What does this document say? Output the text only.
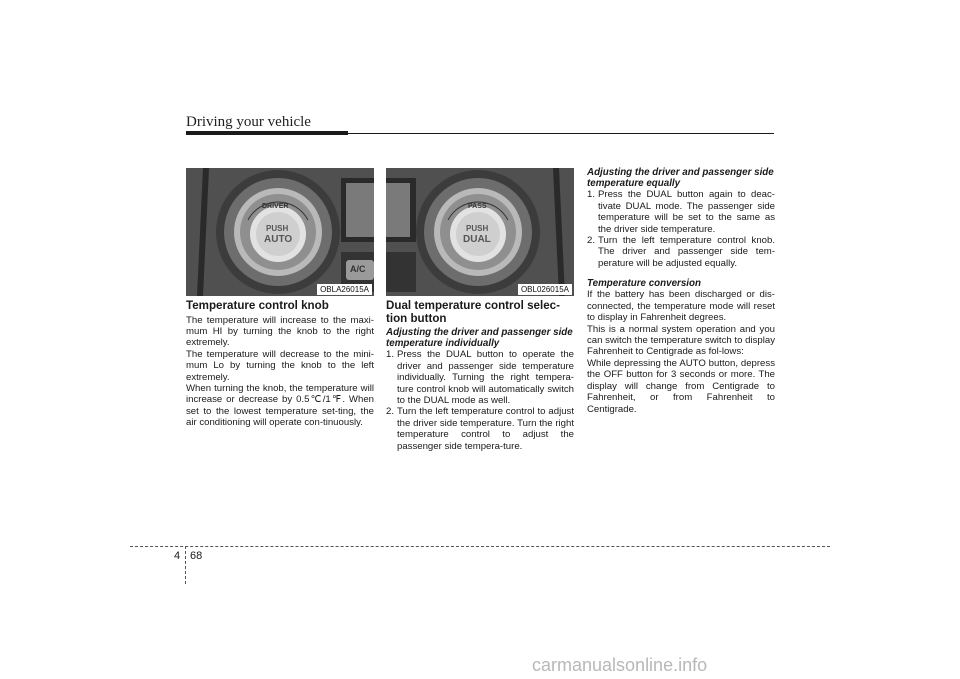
Driving your vehicle
DRIVER
PUSH
AUTO
A/C
OBLA26015A
PASS
PUSH
DUAL
OBL026015A

Temperature control knob

The temperature will increase to the maxi-mum HI by turning the knob to the right extremely.

The temperature will decrease to the mini-mum Lo by turning the knob to the left extremely.

When turning the knob, the temperature will increase or decrease by 0.5℃/1℉. When set to the lowest temperature set-ting, the air conditioning will operate con-tinuously.

Dual temperature control selec-tion button

Adjusting the driver and passenger side temperature individually

1. Press the DUAL button to operate the driver and passenger side temperature individually. Turning the right tempera-ture control knob will automatically switch to the DUAL mode as well.
2. Turn the left temperature control to adjust the driver side temperature. Turn the right temperature control to adjust the passenger side tempera-ture.

Adjusting the driver and passenger side temperature equally

1. Press the DUAL button again to deac-tivate DUAL mode. The passenger side temperature will be set to the same as the driver side temperature.
2. Turn the left temperature control knob. The driver and passenger side tem-perature will be adjusted equally.

Temperature conversion

If the battery has been discharged or dis-connected, the temperature mode will reset to display in Fahrenheit degrees.

This is a normal system operation and you can switch the temperature switch to display Fahrenheit to Centigrade as fol-lows:

While depressing the AUTO button, depress the OFF button for 3 seconds or more. The display will change from Centigrade to Fahrenheit, or from Fahrenheit to Centigrade.

4 68
carmanualsonline.info
